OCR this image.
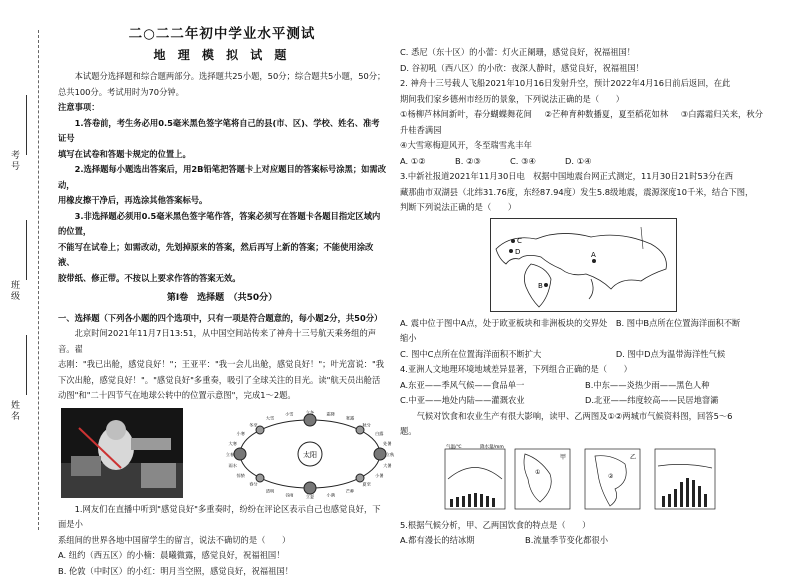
考号
班级
姓名
二○二二年初中学业水平测试
地 理 模 拟 试 题

本试题分选择题和综合题两部分。选择题共25小题，50分；综合题共5小题，50分；

总共100分。考试用时为70分钟。

注意事项：

1.答卷前，考生务必用0.5毫米黑色签字笔将自己的县(市、区)、学校、姓名、准考证号

填写在试卷和答题卡规定的位置上。

2.选择题每小题选出答案后，用2B铅笔把答题卡上对应题目的答案标号涂黑；如需改动，

用橡皮擦干净后，再选涂其他答案标号。

3.非选择题必须用0.5毫米黑色签字笔作答，答案必须写在答题卡各题目指定区域内的位置，

不能写在试卷上；如需改动，先划掉原来的答案，然后再写上新的答案；不能使用涂改液、

胶带纸、修正带。不按以上要求作答的答案无效。

第Ⅰ卷　选择题　（共50分）

一、选择题（下列各小题的四个选项中，只有一项是符合题意的，每小题2分，共50分）

北京时间2021年11月7日13:51，从中国空间站传来了神舟十三号航天乘务组的声音。翟

志刚："我已出舱，感觉良好！"；王亚平："我一会儿出舱，感觉良好！"；叶光富说："我

下次出舱，感觉良好！"。"感觉良好"多重奏，吸引了全球关注的目光。读"航天员出舱活

动图"和"二十四节气在地球公转中的位置示意图"，完成1～2题。

太阳
立春
雨水
惊蛰
春分
清明
谷雨	立夏	小满
芒种
夏至
小暑
大暑
立秋
处暑
白露
秋分
寒露
霜降
立冬
小雪
大雪
冬至
小寒
大寒

1.网友们在直播中听到"感觉良好"多重奏时，纷纷在评论区表示自己也感觉良好，下面是小

系组间的世界各地中国留学生的留言，说法不确切的是（　　）

A. 纽约（西五区）的小楠：晨曦微露，感觉良好，祝福祖国！

B. 伦敦（中时区）的小红：明月当空照，感觉良好，祝福祖国！

C. 悉尼（东十区）的小蕾：灯火正阑珊，感觉良好，祝福祖国！

D. 谷初吼（西八区）的小欣：夜深人静时，感觉良好，祝福祖国！

2. 神舟十三号载人飞船2021年10月16日发射升空，预计2022年4月16日前后返回，在此

期间我们家乡德州市经历的景象，下列说法正确的是（　　）

①杨柳芦林间新叶，春分蝴蝶舞花间 ②芒种育种数播夏，夏至稻花如林 ③白露霜归关来，秋分升桂香满园

④大雪寒梅迎风开，冬至瑞雪兆丰年

A. ①②	B. ②③	C. ③④	D. ①④

3.中新社报道2021年11月30日电　权据中国地震台网正式测定，11月30日21时53分在西

藏那曲市双湖县（北纬31.76度，东经87.94度）发生5.8级地震，震源深度10千米，结合下图，

判断下列说法正确的是（　　）

C
D	A
B
A. 震中位于图中A点，处于欧亚板块和非洲板块的交界处	B. 图中B点所在位置海洋面积不断

缩小

C. 图中C点所在位置海洋面积不断扩大	D. 图中D点为温带海洋性气候

4.亚洲人文地理环境地域差异显著，下列组合正确的是（　　）

A.东亚——季风气候——食品单一	B.中东——炎热少雨——黑色人种
C.中亚——地处内陆——灌溉农业	D.北亚——纬度较高——民居地窨灞

气候对饮食和农业生产有很大影响，读甲、乙两图及①②两城市气候资料图，回答5～6

题。

气温/℃	降水量/mm
甲
①
乙
②

5.根据气候分析，甲、乙两国饮食的特点是（　　）

A.都有漫长的结冰期	B.流量季节变化都很小
